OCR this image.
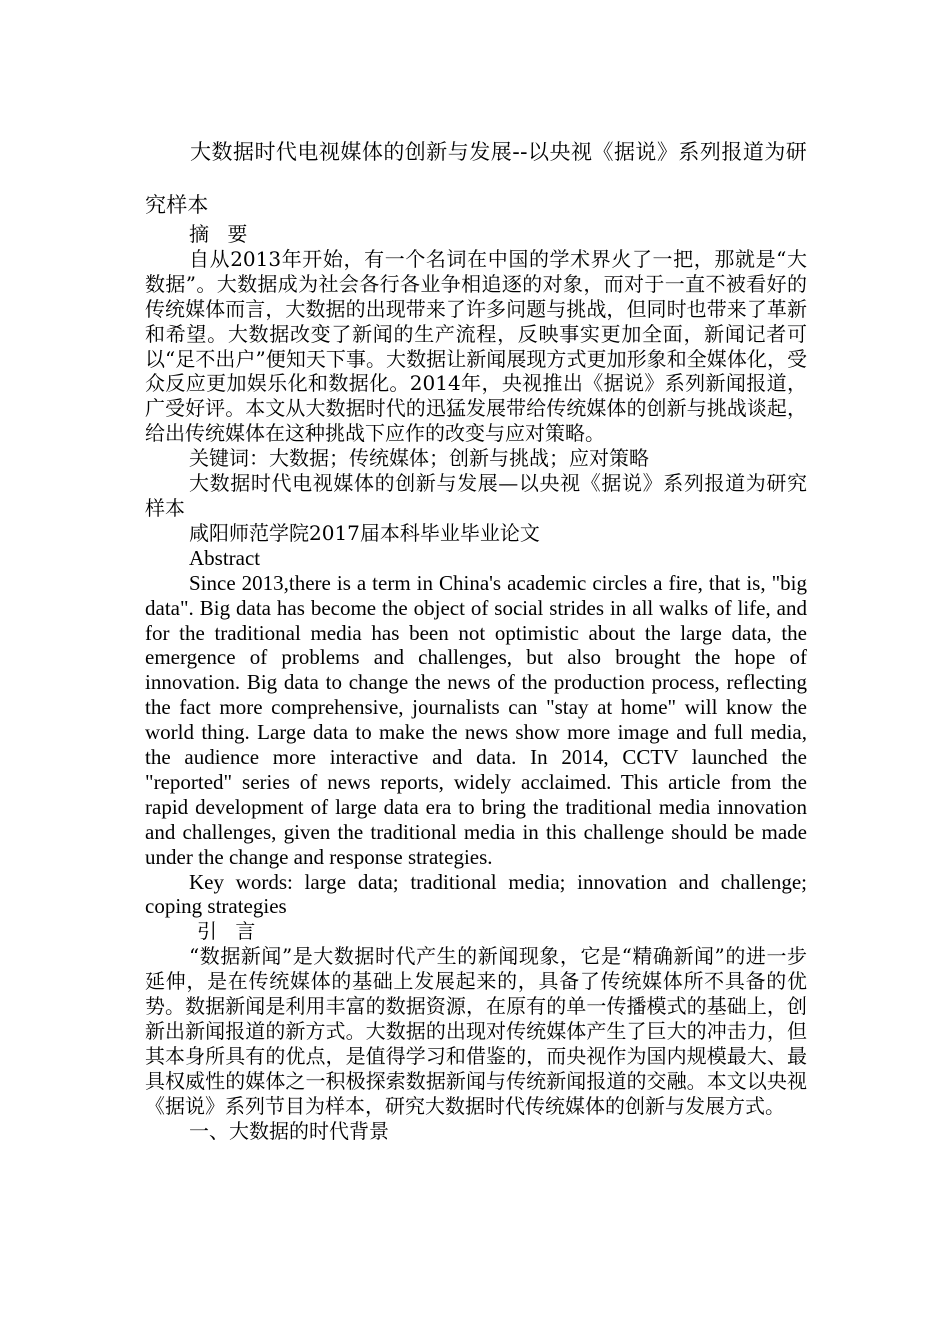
大数据时代电视媒体的创新与发展--以央视《据说》系列报道为研究样本

摘 要

自从2013年开始，有一个名词在中国的学术界火了一把，那就是“大数据”。大数据成为社会各行各业争相追逐的对象，而对于一直不被看好的传统媒体而言，大数据的出现带来了许多问题与挑战，但同时也带来了革新和希望。大数据改变了新闻的生产流程，反映事实更加全面，新闻记者可以“足不出户”便知天下事。大数据让新闻展现方式更加形象和全媒体化，受众反应更加娱乐化和数据化。2014年，央视推出《据说》系列新闻报道，广受好评。本文从大数据时代的迅猛发展带给传统媒体的创新与挑战谈起，给出传统媒体在这种挑战下应作的改变与应对策略。

关键词：大数据；传统媒体；创新与挑战；应对策略

大数据时代电视媒体的创新与发展—以央视《据说》系列报道为研究样本

咸阳师范学院2017届本科毕业毕业论文

Abstract

Since 2013,there is a term in China's academic circles a fire, that is, "big data". Big data has become the object of social strides in all walks of life, and for the traditional media has been not optimistic about the large data, the emergence of problems and challenges, but also brought the hope of innovation. Big data to change the news of the production process, reflecting the fact more comprehensive, journalists can "stay at home" will know the world thing. Large data to make the news show more image and full media, the audience more interactive and data. In 2014, CCTV launched the "reported" series of news reports, widely acclaimed. This article from the rapid development of large data era to bring the traditional media innovation and challenges, given the traditional media in this challenge should be made under the change and response strategies.

Key words: large data; traditional media; innovation and challenge; coping strategies

引 言

“数据新闻”是大数据时代产生的新闻现象，它是“精确新闻”的进一步延伸，是在传统媒体的基础上发展起来的，具备了传统媒体所不具备的优势。数据新闻是利用丰富的数据资源，在原有的单一传播模式的基础上，创新出新闻报道的新方式。大数据的出现对传统媒体产生了巨大的冲击力，但其本身所具有的优点，是值得学习和借鉴的，而央视作为国内规模最大、最具权威性的媒体之一积极探索数据新闻与传统新闻报道的交融。本文以央视《据说》系列节目为样本，研究大数据时代传统媒体的创新与发展方式。

一、大数据的时代背景
